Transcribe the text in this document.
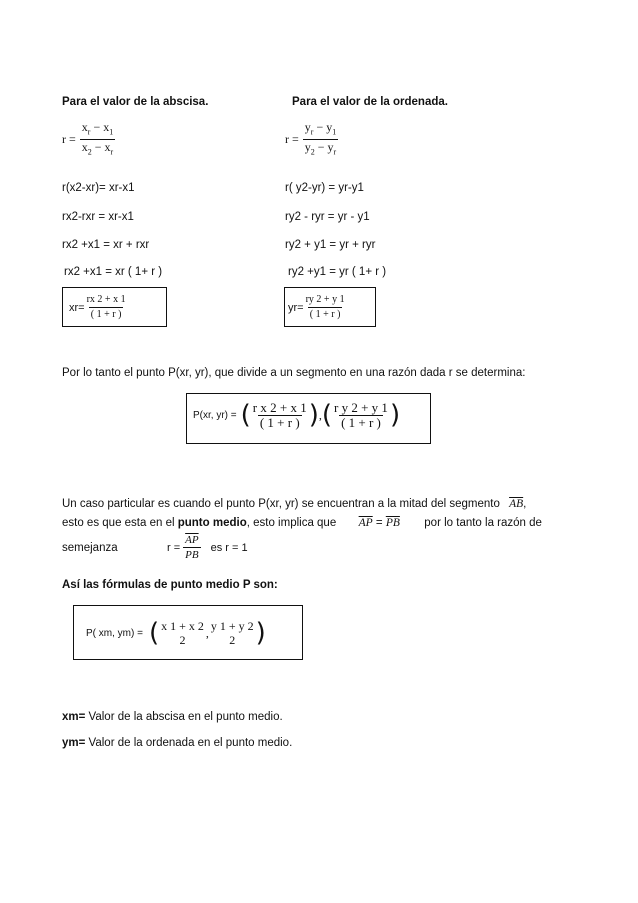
Para el valor de la abscisa.	Para el valor de la ordenada.
$r = \frac{x_r - x_1}{x_2 - x_r}$	$r = \frac{y_r - y_1}{y_2 - y_r}$
r(x2-xr)= xr-x1
rx2-rxr = xr-x1
rx2 +x1 = xr + rxr
rx2 +x1 = xr ( 1+ r )
r( y2-yr) = yr-y1
ry2 - ryr = yr - y1
ry2 + y1 = yr + ryr
ry2 +y1 = yr ( 1+ r )
$xr= \frac{rx 2 + x 1}{( 1 + r )}$	$yr= \frac{ry 2 + y 1}{( 1 + r )}$
Por lo tanto el punto P(xr, yr), que divide a un segmento en una razón dada r se determina:
P(xr, yr) = ( $\frac{\text{r x 2 + x 1}}{( 1 + r )}$ ) , ( $\frac{\text{r y 2 + y 1}}{( 1 + r )}$ )
Un caso particular es cuando el punto P(xr, yr) se encuentran a la mitad del segmento $\overline{AB}$,
esto es que esta en el punto medio, esto implica que $\overline{AP} = \overline{PB}$ por lo tanto la razón de
semejanza	$r = \frac{\overline{AP}}{PB}$ es r = 1
Así las fórmulas de punto medio P son:
P( xm, ym) = ( x 1 + x 2
2
, y 1 + y 2
2 )
xm= Valor de la abscisa en el punto medio.
ym= Valor de la ordenada en el punto medio.
